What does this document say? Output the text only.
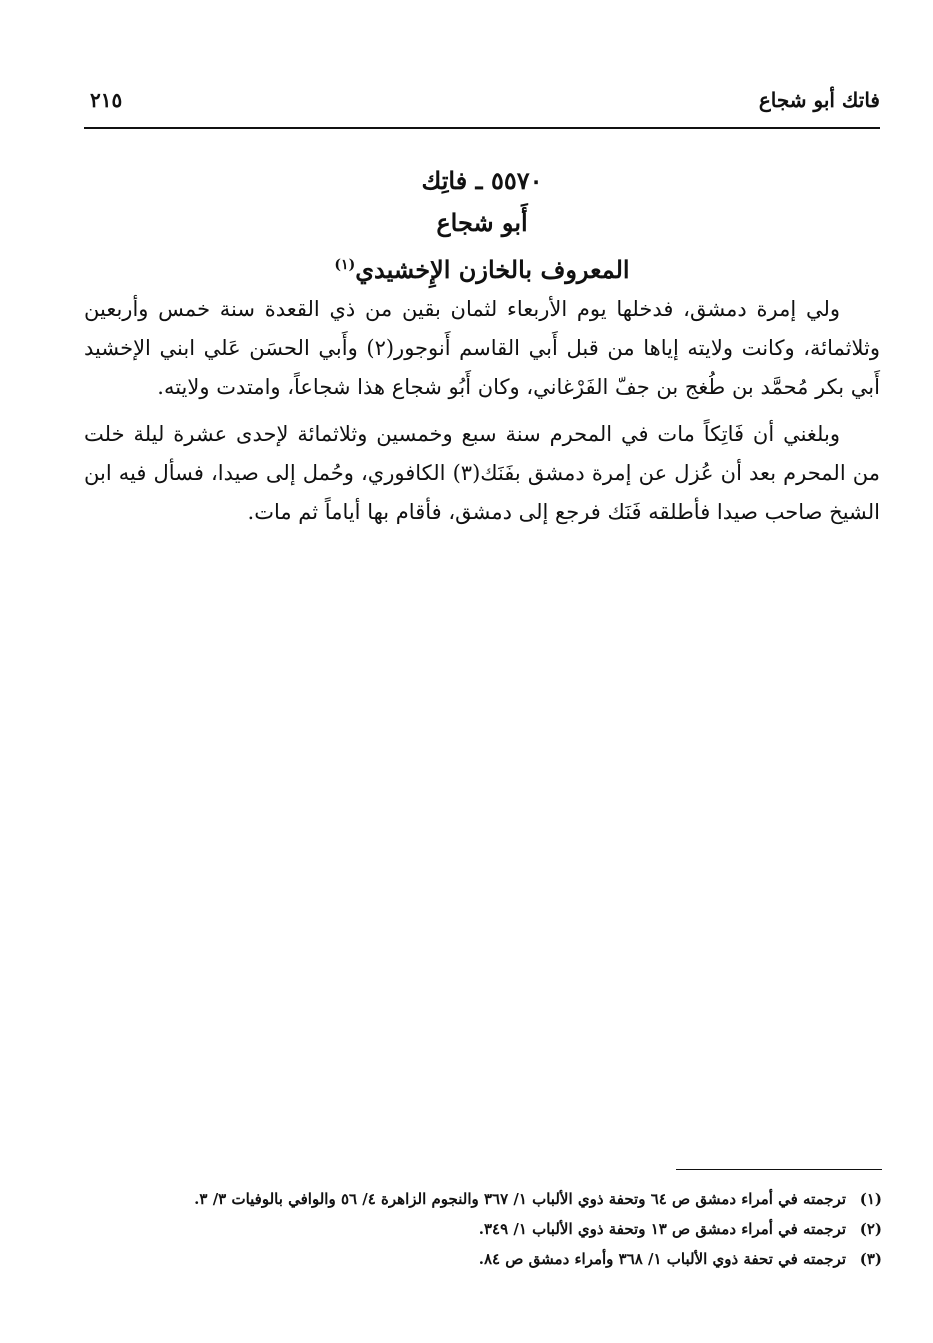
فاتك أبو شجاع
٢١٥
٥٥٧٠ ـ فاتِك
أَبو شجاع
المعروف بالخازن الإِخشيدي$^{(١)}$

ولي إمرة دمشق، فدخلها يوم الأربعاء لثمان بقين من ذي القعدة سنة خمس وأربعين وثلاثمائة، وكانت ولايته إياها من قبل أَبي القاسم أَنوجور(٢) وأَبي الحسَن عَلي ابني الإخشيد أَبي بكر مُحمَّد بن طُغج بن جفّ الفَرْغاني، وكان أَبُو شجاع هذا شجاعاً، وامتدت ولايته.

وبلغني أن فَاتِكاً مات في المحرم سنة سبع وخمسين وثلاثمائة لإحدى عشرة ليلة خلت من المحرم بعد أن عُزل عن إمرة دمشق بفَنَك(٣) الكافوري، وحُمل إلى صيدا، فسأل فيه ابن الشيخ صاحب صيدا فأطلقه فَنَك فرجع إلى دمشق، فأقام بها أياماً ثم مات.

(١)ترجمته في أمراء دمشق ص ٦٤ وتحفة ذوي الألباب ١/ ٣٦٧ والنجوم الزاهرة ٤/ ٥٦ والوافي بالوفيات ٣/ ٣.
(٢)ترجمته في أمراء دمشق ص ١٣ وتحفة ذوي الألباب ١/ ٣٤٩.
(٣)ترجمته في تحفة ذوي الألباب ١/ ٣٦٨ وأمراء دمشق ص ٨٤.
